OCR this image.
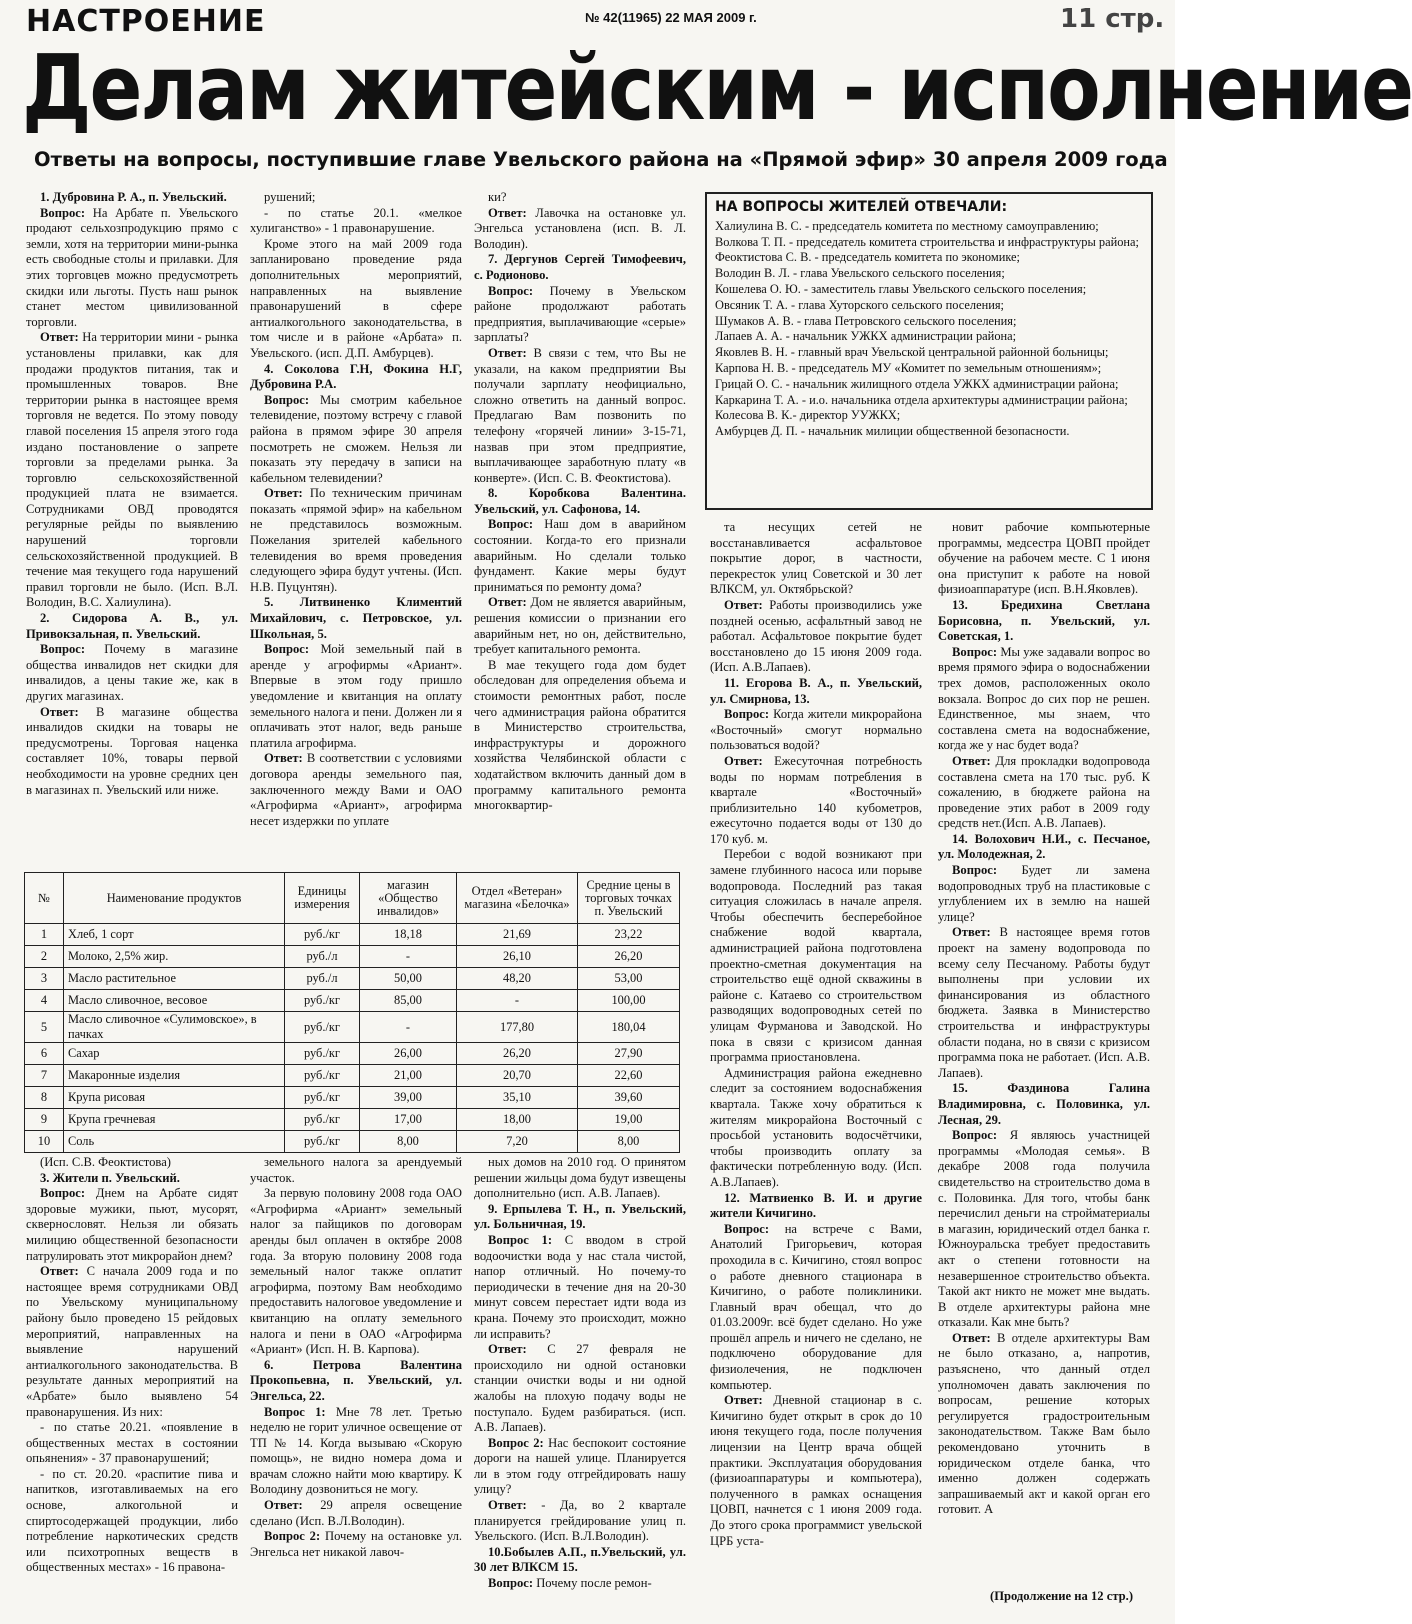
НАСТРОЕНИЕ	№ 42(11965) 22 МАЯ 2009 г.	11 стр.
Делам житейским - исполнение
Ответы на вопросы, поступившие главе Увельского района на «Прямой эфир» 30 апреля 2009 года

1. Дубровина Р. А., п. Увельский.

Вопрос: На Арбате п. Увельского продают сельхозпродукцию прямо с земли, хотя на территории мини-рынка есть свободные столы и прилавки. Для этих торговцев можно предусмотреть скидки или льготы. Пусть наш рынок станет местом цивилизованной торговли.

Ответ: На территории мини - рынка установлены прилавки, как для продажи продуктов питания, так и промышленных товаров. Вне территории рынка в настоящее время торговля не ведется. По этому поводу главой поселения 15 апреля этого года издано постановление о запрете торговли за пределами рынка. За торговлю сельскохозяйственной продукцией плата не взимается. Сотрудниками ОВД проводятся регулярные рейды по выявлению нарушений торговли сельскохозяйственной продукцией. В течение мая текущего года нарушений правил торговли не было. (Исп. В.Л. Володин, В.С. Халиулина).

2. Сидорова А. В., ул. Привокзальная, п. Увельский.

Вопрос: Почему в магазине общества инвалидов нет скидки для инвалидов, а цены такие же, как в других магазинах.

Ответ: В магазине общества инвалидов скидки на товары не предусмотрены. Торговая наценка составляет 10%, товары первой необходимости на уровне средних цен в магазинах п. Увельский или ниже.

рушений;

- по статье 20.1. «мелкое хулиганство» - 1 правонарушение.

Кроме этого на май 2009 года запланировано проведение ряда дополнительных мероприятий, направленных на выявление правонарушений в сфере антиалкогольного законодательства, в том числе и в районе «Арбата» п. Увельского. (исп. Д.П. Амбурцев).

4. Соколова Г.Н, Фокина Н.Г, Дубровина Р.А.

Вопрос: Мы смотрим кабельное телевидение, поэтому встречу с главой района в прямом эфире 30 апреля посмотреть не сможем. Нельзя ли показать эту передачу в записи на кабельном телевидении?

Ответ: По техническим причинам показать «прямой эфир» на кабельном не представилось возможным. Пожелания зрителей кабельного телевидения во время проведения следующего эфира будут учтены. (Исп. Н.В. Пуцунтян).

5. Литвиненко Климентий Михайлович, с. Петровское, ул. Школьная, 5.

Вопрос: Мой земельный пай в аренде у агрофирмы «Ариант». Впервые в этом году пришло уведомление и квитанция на оплату земельного налога и пени. Должен ли я оплачивать этот налог, ведь раньше платила агрофирма.

Ответ: В соответствии с условиями договора аренды земельного пая, заключенного между Вами и ОАО «Агрофирма «Ариант», агрофирма несет издержки по уплате

ки?

Ответ: Лавочка на остановке ул. Энгельса установлена (исп. В. Л. Володин).

7. Дергунов Сергей Тимофеевич, с. Родионово.

Вопрос: Почему в Увельском районе продолжают работать предприятия, выплачивающие «серые» зарплаты?

Ответ: В связи с тем, что Вы не указали, на каком предприятии Вы получали зарплату неофициально, сложно ответить на данный вопрос. Предлагаю Вам позвонить по телефону «горячей линии» 3-15-71, назвав при этом предприятие, выплачивающее заработную плату «в конверте». (Исп. С. В. Феоктистова).

8. Коробкова Валентина. Увельский, ул. Сафонова, 14.

Вопрос: Наш дом в аварийном состоянии. Когда-то его признали аварийным. Но сделали только фундамент. Какие меры будут приниматься по ремонту дома?

Ответ: Дом не является аварийным, решения комиссии о признании его аварийным нет, но он, действительно, требует капитального ремонта.

В мае текущего года дом будет обследован для определения объема и стоимости ремонтных работ, после чего администрация района обратится в Министерство строительства, инфраструктуры и дорожного хозяйства Челябинской области с ходатайством включить данный дом в программу капитального ремонта многоквартир-

НА ВОПРОСЫ ЖИТЕЛЕЙ ОТВЕЧАЛИ:
Халиулина В. С. - председатель комитета по местному самоуправлению;
Волкова Т. П. - председатель комитета строительства и инфраструктуры района;
Феоктистова С. В. - председатель комитета по экономике;
Володин В. Л. - глава Увельского сельского поселения;
Кошелева О. Ю. - заместитель главы Увельского сельского поселения;
Овсяник Т. А. - глава Хуторского сельского поселения;
Шумаков А. В. - глава Петровского сельского поселения;
Лапаев А. А. - начальник УЖКХ администрации района;
Яковлев В. Н. - главный врач Увельской центральной районной больницы;
Карпова Н. В. - председатель МУ «Комитет по земельным отношениям»;
Грицай О. С. - начальник жилищного отдела УЖКХ администрации района;
Каркарина Т. А. - и.о. начальника отдела архитектуры администрации района;
Колесова В. К.- директор УУЖКХ;
Амбурцев Д. П. - начальник милиции общественной безопасности.

та несущих сетей не восстанавливается асфальтовое покрытие дорог, в частности, перекресток улиц Советской и 30 лет ВЛКСМ, ул. Октябрьской?

Ответ: Работы производились уже поздней осенью, асфальтный завод не работал. Асфальтовое покрытие будет восстановлено до 15 июня 2009 года. (Исп. А.В.Лапаев).

11. Егорова В. А., п. Увельский, ул. Смирнова, 13.

Вопрос: Когда жители микрорайона «Восточный» смогут нормально пользоваться водой?

Ответ: Ежесуточная потребность воды по нормам потребления в квартале «Восточный» приблизительно 140 кубометров, ежесуточно подается воды от 130 до 170 куб. м.

Перебои с водой возникают при замене глубинного насоса или порыве водопровода. Последний раз такая ситуация сложилась в начале апреля. Чтобы обеспечить бесперебойное снабжение водой квартала, администрацией района подготовлена проектно-сметная документация на строительство ещё одной скважины в районе с. Катаево со строительством разводящих водопроводных сетей по улицам Фурманова и Заводской. Но пока в связи с кризисом данная программа приостановлена.

Администрация района ежедневно следит за состоянием водоснабжения квартала. Также хочу обратиться к жителям микрорайона Восточный с просьбой установить водосчётчики, чтобы производить оплату за фактически потребленную воду. (Исп. А.В.Лапаев).

12. Матвиенко В. И. и другие жители Кичигино.

Вопрос: на встрече с Вами, Анатолий Григорьевич, которая проходила в с. Кичигино, стоял вопрос о работе дневного стационара в Кичигино, о работе поликлиники. Главный врач обещал, что до 01.03.2009г. всё будет сделано. Но уже прошёл апрель и ничего не сделано, не подключено оборудование для физиолечения, не подключен компьютер.

Ответ: Дневной стационар в с. Кичигино будет открыт в срок до 10 июня текущего года, после получения лицензии на Центр врача общей практики. Эксплуатация оборудования (физиоаппаратуры и компьютера), полученного в рамках оснащения ЦОВП, начнется с 1 июня 2009 года. До этого срока программист увельской ЦРБ уста-

новит рабочие компьютерные программы, медсестра ЦОВП пройдет обучение на рабочем месте. С 1 июня она приступит к работе на новой физиоаппаратуре (исп. В.Н.Яковлев).

13. Бредихина Светлана Борисовна, п. Увельский, ул. Советская, 1.

Вопрос: Мы уже задавали вопрос во время прямого эфира о водоснабжении трех домов, расположенных около вокзала. Вопрос до сих пор не решен. Единственное, мы знаем, что составлена смета на водоснабжение, когда же у нас будет вода?

Ответ: Для прокладки водопровода составлена смета на 170 тыс. руб. К сожалению, в бюджете района на проведение этих работ в 2009 году средств нет.(Исп. А.В. Лапаев).

14. Волохович Н.И., с. Песчаное, ул. Молодежная, 2.

Вопрос: Будет ли замена водопроводных труб на пластиковые с углублением их в землю на нашей улице?

Ответ: В настоящее время готов проект на замену водопровода по всему селу Песчаному. Работы будут выполнены при условии их финансирования из областного бюджета. Заявка в Министерство строительства и инфраструктуры области подана, но в связи с кризисом программа пока не работает. (Исп. А.В. Лапаев).

15. Фаздинова Галина Владимировна, с. Половинка, ул. Лесная, 29.

Вопрос: Я являюсь участницей программы «Молодая семья». В декабре 2008 года получила свидетельство на строительство дома в с. Половинка. Для того, чтобы банк перечислил деньги на стройматериалы в магазин, юридический отдел банка г. Южноуральска требует предоставить акт о степени готовности на незавершенное строительство объекта. Такой акт никто не может мне выдать. В отделе архитектуры района мне отказали. Как мне быть?

Ответ: В отделе архитектуры Вам не было отказано, а, напротив, разъяснено, что данный отдел уполномочен давать заключения по вопросам, решение которых регулируется градостроительным законодательством. Также Вам было рекомендовано уточнить в юридическом отделе банка, что именно должен содержать запрашиваемый акт и какой орган его готовит. А

№	Наименование продуктов	Единицы измерения	магазин «Общество инвалидов»	Отдел «Ветеран» магазина «Белочка»	Средние цены в торговых точках п. Увельский
1	Хлеб, 1 сорт	руб./кг	18,18	21,69	23,22
2	Молоко, 2,5% жир.	руб./л	-	26,10	26,20
3	Масло растительное	руб./л	50,00	48,20	53,00
4	Масло сливочное, весовое	руб./кг	85,00	-	100,00
5	Масло сливочное «Сулимовское», в пачках	руб./кг	-	177,80	180,04
6	Сахар	руб./кг	26,00	26,20	27,90
7	Макаронные изделия	руб./кг	21,00	20,70	22,60
8	Крупа рисовая	руб./кг	39,00	35,10	39,60
9	Крупа гречневая	руб./кг	17,00	18,00	19,00
10	Соль	руб./кг	8,00	7,20	8,00

(Исп. С.В. Феоктистова)

3. Жители п. Увельский.

Вопрос: Днем на Арбате сидят здоровые мужики, пьют, мусорят, сквернословят. Нельзя ли обязать милицию общественной безопасности патрулировать этот микрорайон днем?

Ответ: С начала 2009 года и по настоящее время сотрудниками ОВД по Увельскому муниципальному району было проведено 15 рейдовых мероприятий, направленных на выявление нарушений антиалкогольного законодательства. В результате данных мероприятий на «Арбате» было выявлено 54 правонарушения. Из них:

- по статье 20.21. «появление в общественных местах в состоянии опьянения» - 37 правонарушений;

- по ст. 20.20. «распитие пива и напитков, изготавливаемых на его основе, алкогольной и спиртосодержащей продукции, либо потребление наркотических средств или психотропных веществ в общественных местах» - 16 правона-

земельного налога за арендуемый участок.

За первую половину 2008 года ОАО «Агрофирма «Ариант» земельный налог за пайщиков по договорам аренды был оплачен в октябре 2008 года. За вторую половину 2008 года земельный налог также оплатит агрофирма, поэтому Вам необходимо предоставить налоговое уведомление и квитанцию на оплату земельного налога и пени в ОАО «Агрофирма «Ариант» (Исп. Н. В. Карпова).

6. Петрова Валентина Прокопьевна, п. Увельский, ул. Энгельса, 22.

Вопрос 1: Мне 78 лет. Третью неделю не горит уличное освещение от ТП № 14. Когда вызываю «Скорую помощь», не видно номера дома и врачам сложно найти мою квартиру. К Володину дозвониться не могу.

Ответ: 29 апреля освещение сделано (Исп. В.Л.Володин).

Вопрос 2: Почему на остановке ул. Энгельса нет никакой лавоч-

ных домов на 2010 год. О принятом решении жильцы дома будут извещены дополнительно (исп. А.В. Лапаев).

9. Ерпылева Т. Н., п. Увельский, ул. Больничная, 19.

Вопрос 1: С вводом в строй водоочистки вода у нас стала чистой, напор отличный. Но почему-то периодически в течение дня на 20-30 минут совсем перестает идти вода из крана. Почему это происходит, можно ли исправить?

Ответ: С 27 февраля не происходило ни одной остановки станции очистки воды и ни одной жалобы на плохую подачу воды не поступало. Будем разбираться. (исп. А.В. Лапаев).

Вопрос 2: Нас беспокоит состояние дороги на нашей улице. Планируется ли в этом году отгрейдировать нашу улицу?

Ответ: - Да, во 2 квартале планируется грейдирование улиц п. Увельского. (Исп. В.Л.Володин).

10.Бобылев А.П., п.Увельский, ул. 30 лет ВЛКСМ 15.

Вопрос: Почему после ремон-

(Продолжение на 12 стр.)
